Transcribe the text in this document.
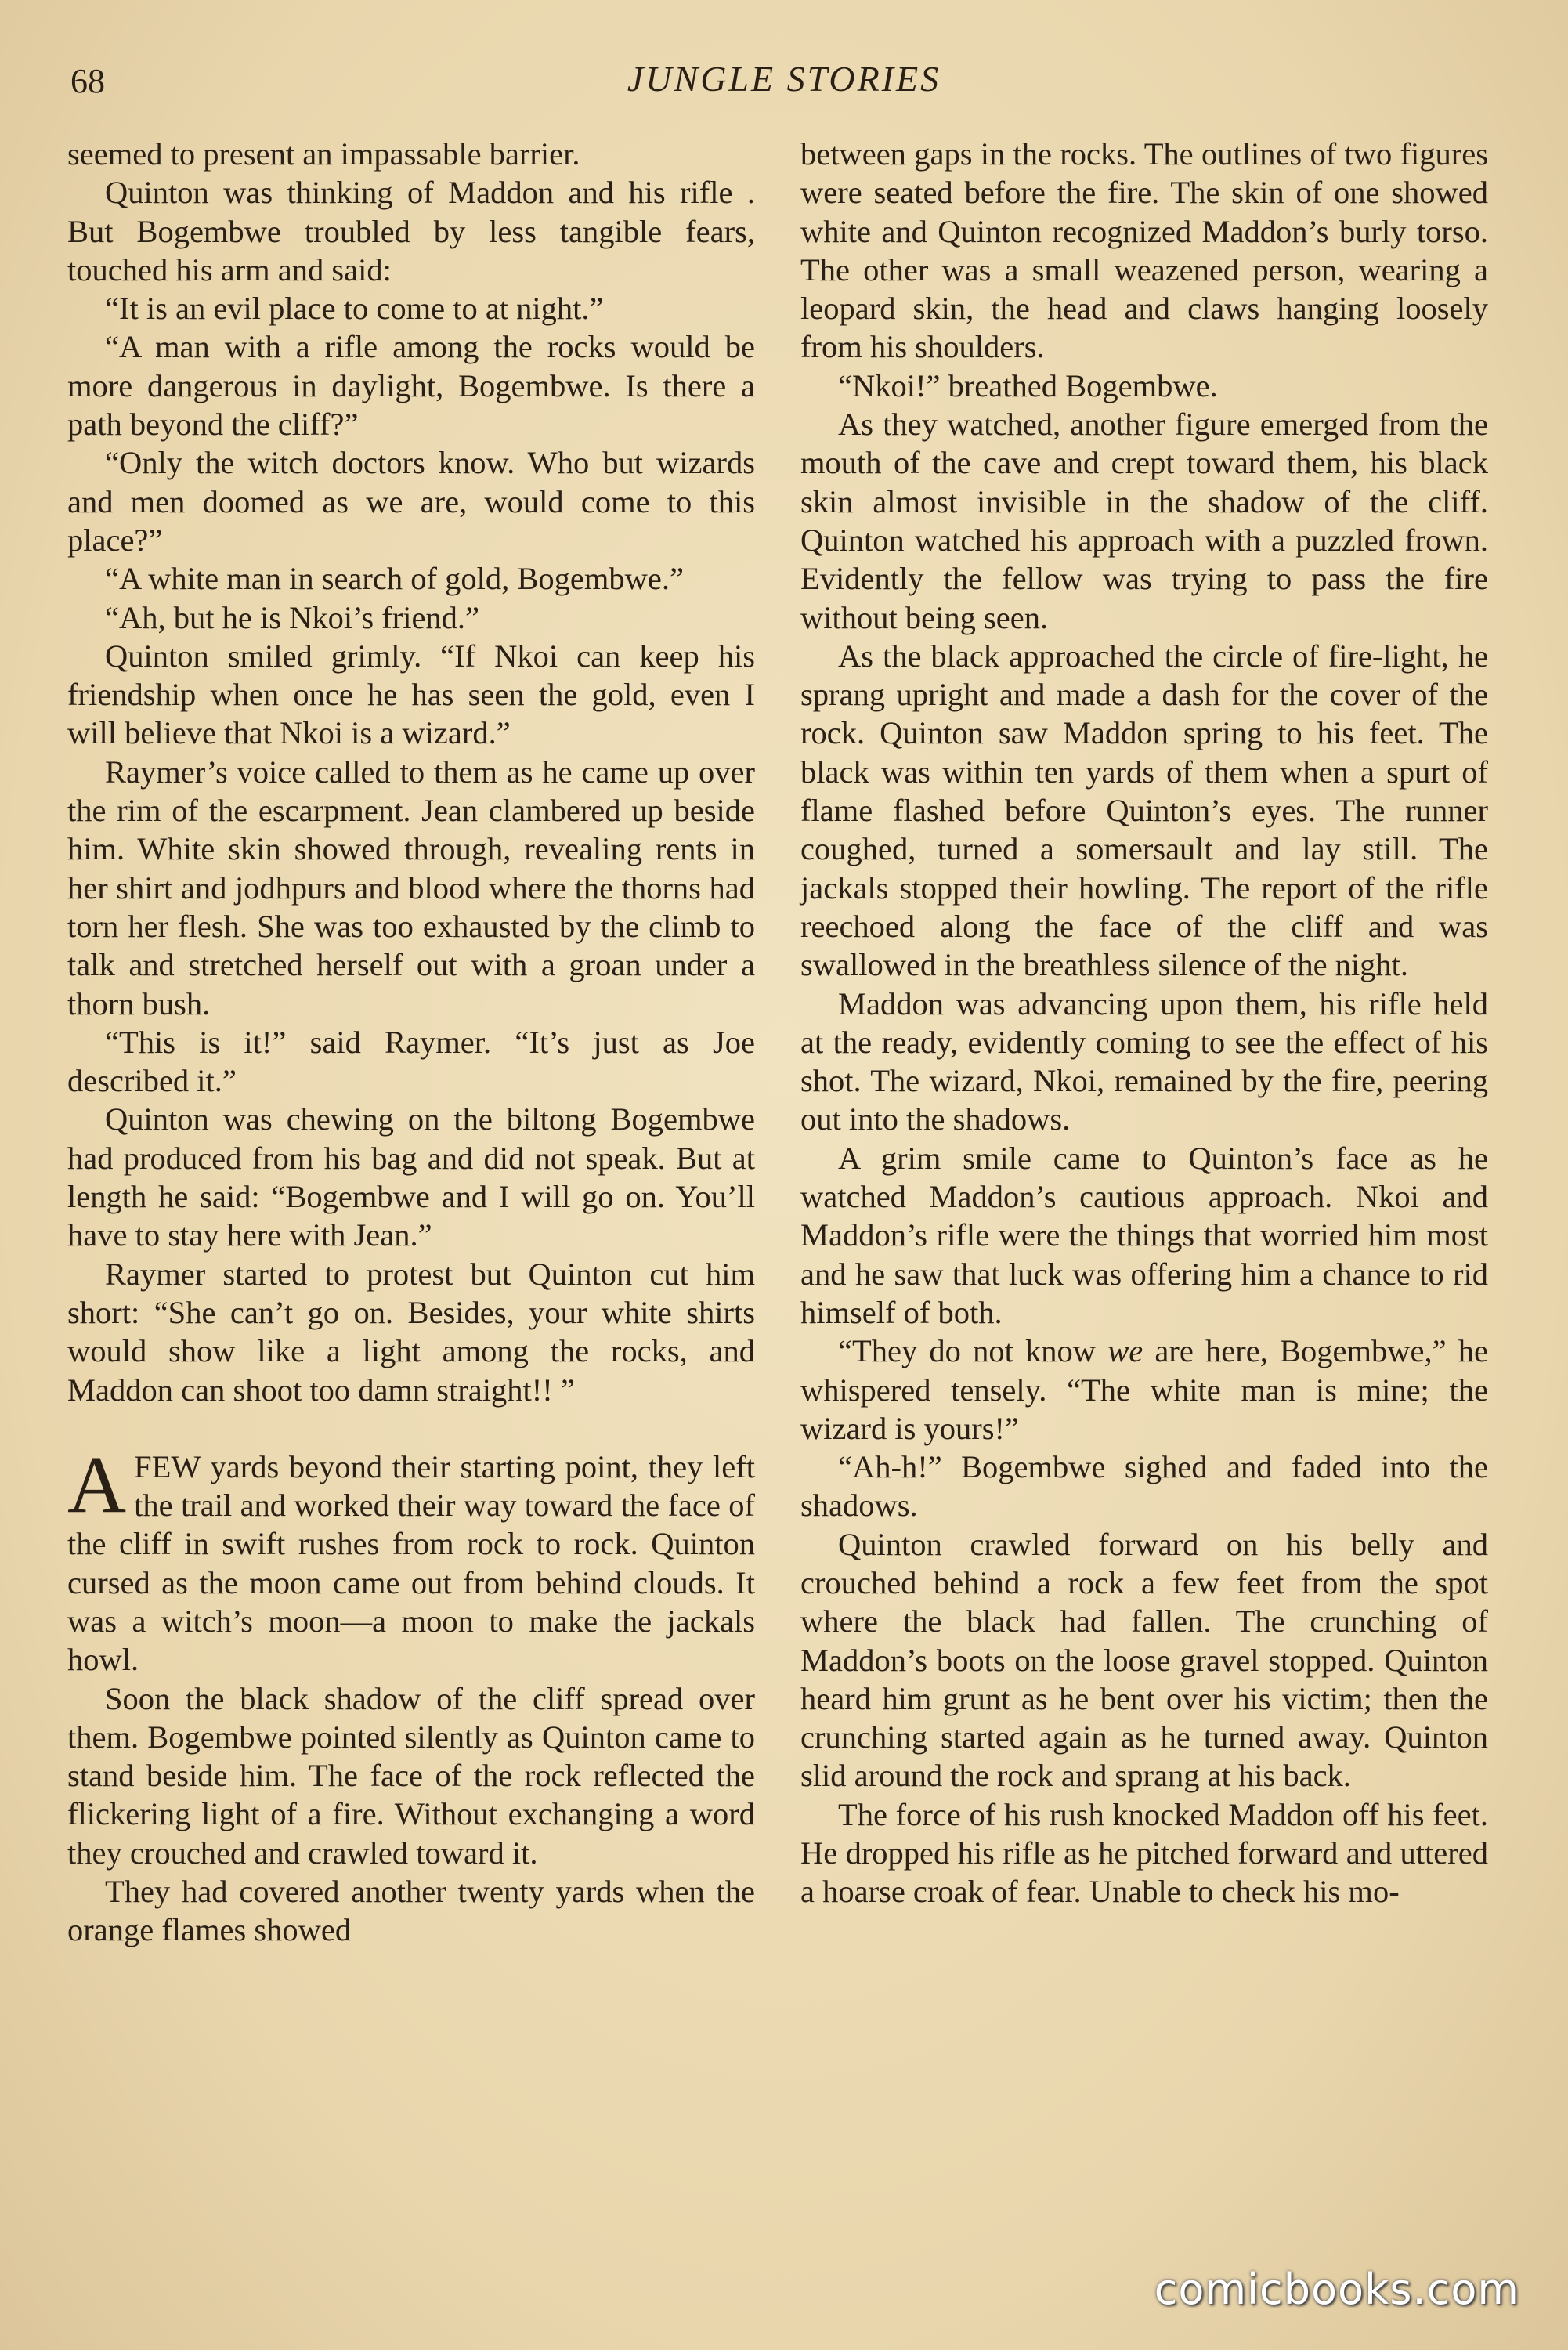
68	JUNGLE STORIES

seemed to present an impassable barrier.

Quinton was thinking of Maddon and his rifle . But Bogembwe troubled by less tangible fears, touched his arm and said:

“It is an evil place to come to at night.”

“A man with a rifle among the rocks would be more dangerous in daylight, Bogembwe. Is there a path beyond the cliff?”

“Only the witch doctors know. Who but wizards and men doomed as we are, would come to this place?”

“A white man in search of gold, Bogembwe.”

“Ah, but he is Nkoi’s friend.”

Quinton smiled grimly. “If Nkoi can keep his friendship when once he has seen the gold, even I will believe that Nkoi is a wizard.”

Raymer’s voice called to them as he came up over the rim of the escarpment. Jean clambered up beside him. White skin showed through, revealing rents in her shirt and jodhpurs and blood where the thorns had torn her flesh. She was too exhausted by the climb to talk and stretched herself out with a groan under a thorn bush.

“This is it!” said Raymer. “It’s just as Joe described it.”

Quinton was chewing on the biltong Bogembwe had produced from his bag and did not speak. But at length he said: “Bogembwe and I will go on. You’ll have to stay here with Jean.”

Raymer started to protest but Quinton cut him short: “She can’t go on. Besides, your white shirts would show like a light among the rocks, and Maddon can shoot too damn straight!! ”

AFEW yards beyond their starting point, they left the trail and worked their way toward the face of the cliff in swift rushes from rock to rock. Quinton cursed as the moon came out from behind clouds. It was a witch’s moon—a moon to make the jackals howl.

Soon the black shadow of the cliff spread over them. Bogembwe pointed silently as Quinton came to stand beside him. The face of the rock reflected the flickering light of a fire. Without exchanging a word they crouched and crawled toward it.

They had covered another twenty yards when the orange flames showed

between gaps in the rocks. The outlines of two figures were seated before the fire. The skin of one showed white and Quinton recognized Maddon’s burly torso. The other was a small weazened person, wearing a leopard skin, the head and claws hanging loosely from his shoulders.

“Nkoi!” breathed Bogembwe.

As they watched, another figure emerged from the mouth of the cave and crept toward them, his black skin almost invisible in the shadow of the cliff. Quinton watched his approach with a puzzled frown. Evidently the fellow was trying to pass the fire without being seen.

As the black approached the circle of fire-light, he sprang upright and made a dash for the cover of the rock. Quinton saw Maddon spring to his feet. The black was within ten yards of them when a spurt of flame flashed before Quinton’s eyes. The runner coughed, turned a somersault and lay still. The jackals stopped their howling. The report of the rifle reechoed along the face of the cliff and was swallowed in the breathless silence of the night.

Maddon was advancing upon them, his rifle held at the ready, evidently coming to see the effect of his shot. The wizard, Nkoi, remained by the fire, peering out into the shadows.

A grim smile came to Quinton’s face as he watched Maddon’s cautious approach. Nkoi and Maddon’s rifle were the things that worried him most and he saw that luck was offering him a chance to rid himself of both.

“They do not know we are here, Bogembwe,” he whispered tensely. “The white man is mine; the wizard is yours!”

“Ah-h!” Bogembwe sighed and faded into the shadows.

Quinton crawled forward on his belly and crouched behind a rock a few feet from the spot where the black had fallen. The crunching of Maddon’s boots on the loose gravel stopped. Quinton heard him grunt as he bent over his victim; then the crunching started again as he turned away. Quinton slid around the rock and sprang at his back.

The force of his rush knocked Maddon off his feet. He dropped his rifle as he pitched forward and uttered a hoarse croak of fear. Unable to check his mo-

comicbooks.com
